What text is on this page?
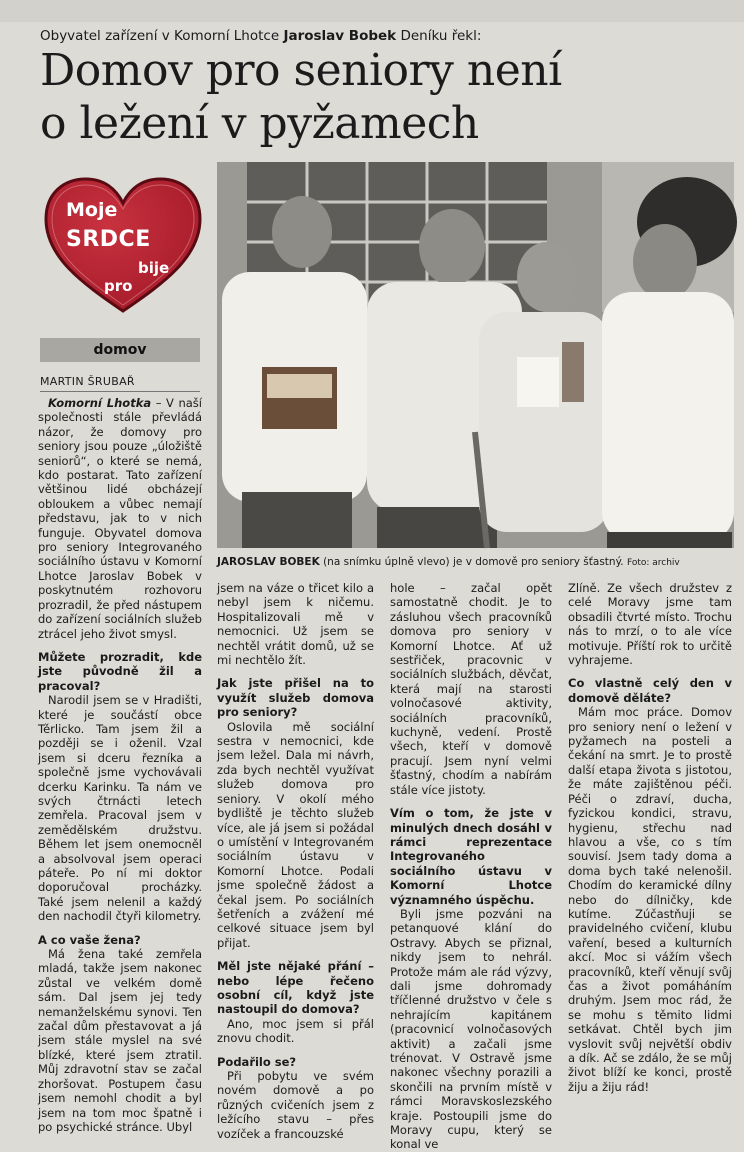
Obyvatel zařízení v Komorní Lhotce Jaroslav Bobek Deníku řekl:
Domov pro seniory není
o ležení v pyžamech
Moje
SRDCE
bije
pro
domov
MARTIN ŠRUBAŘ
JAROSLAV BOBEK (na snímku úplně vlevo) je v domově pro seniory šťastný. Foto: archiv

Komorní Lhotka – V naší společnosti stále převládá názor, že domovy pro seniory jsou pouze „úložiště seniorů“, o které se nemá, kdo postarat. Tato zařízení většinou lidé obcházejí obloukem a vůbec nemají představu, jak to v nich funguje. Obyvatel domova pro seniory Integrovaného sociálního ústavu v Komorní Lhotce Jaroslav Bobek v poskytnutém rozhovoru prozradil, že před nástupem do zařízení sociálních služeb ztrácel jeho život smysl.

Můžete prozradit, kde jste původně žil a pracoval?

Narodil jsem se v Hradišti, které je součástí obce Těrlicko. Tam jsem žil a později se i oženil. Vzal jsem si dceru řezníka a společně jsme vychovávali dcerku Karinku. Ta nám ve svých čtrnácti letech zemřela. Pracoval jsem v zemědělském družstvu. Během let jsem onemocněl a absolvoval jsem operaci páteře. Po ní mi doktor doporučoval procházky. Také jsem nelenil a každý den nachodil čtyři kilometry.

A co vaše žena?

Má žena také zemřela mladá, takže jsem nakonec zůstal ve velkém domě sám. Dal jsem jej tedy nemanželskému synovi. Ten začal dům přestavovat a já jsem stále myslel na své blízké, které jsem ztratil. Můj zdravotní stav se začal zhoršovat. Postupem času jsem nemohl chodit a byl jsem na tom moc špatně i po psychické stránce. Ubyl

jsem na váze o třicet kilo a nebyl jsem k ničemu. Hospitalizovali mě v nemocnici. Už jsem se nechtěl vrátit domů, už se mi nechtělo žít.

Jak jste přišel na to využít služeb domova pro seniory?

Oslovila mě sociální sestra v nemocnici, kde jsem ležel. Dala mi návrh, zda bych nechtěl využívat služeb domova pro seniory. V okolí mého bydliště je těchto služeb více, ale já jsem si požádal o umístění v Integrovaném sociálním ústavu v Komorní Lhotce. Podali jsme společně žádost a čekal jsem. Po sociálních šetřeních a zvážení mé celkové situace jsem byl přijat.

Měl jste nějaké přání – nebo lépe řečeno osobní cíl, když jste nastoupil do domova?

Ano, moc jsem si přál znovu chodit.

Podařilo se?

Při pobytu ve svém novém domově a po různých cvičeních jsem z ležícího stavu – přes vozíček a francouzské

hole – začal opět samostatně chodit. Je to zásluhou všech pracovníků domova pro seniory v Komorní Lhotce. Ať už sestřiček, pracovnic v sociálních službách, děvčat, která mají na starosti volnočasové aktivity, sociálních pracovníků, kuchyně, vedení. Prostě všech, kteří v domově pracují. Jsem nyní velmi šťastný, chodím a nabírám stále více jistoty.

Vím o tom, že jste v minulých dnech dosáhl v rámci reprezentace Integrovaného sociálního ústavu v Komorní Lhotce významného úspěchu.

Byli jsme pozváni na petanquové klání do Ostravy. Abych se přiznal, nikdy jsem to nehrál. Protože mám ale rád výzvy, dali jsme dohromady tříčlenné družstvo v čele s nehrajícím kapitánem (pracovnicí volnočasových aktivit) a začali jsme trénovat. V Ostravě jsme nakonec všechny porazili a skončili na prvním místě v rámci Moravskoslezského kraje. Postoupili jsme do Moravy cupu, který se konal ve

Zlíně. Ze všech družstev z celé Moravy jsme tam obsadili čtvrté místo. Trochu nás to mrzí, o to ale více motivuje. Příští rok to určitě vyhrajeme.

Co vlastně celý den v domově děláte?

Mám moc práce. Domov pro seniory není o ležení v pyžamech na posteli a čekání na smrt. Je to prostě další etapa života s jistotou, že máte zajištěnou péči. Péči o zdraví, ducha, fyzickou kondici, stravu, hygienu, střechu nad hlavou a vše, co s tím souvisí. Jsem tady doma a doma bych také nelenošil. Chodím do keramické dílny nebo do dílničky, kde kutíme. Zúčastňuji se pravidelného cvičení, klubu vaření, besed a kulturních akcí. Moc si vážím všech pracovníků, kteří věnují svůj čas a život pomáháním druhým. Jsem moc rád, že se mohu s těmito lidmi setkávat. Chtěl bych jim vyslovit svůj největší obdiv a dík. Ač se zdálo, že se můj život blíží ke konci, prostě žiju a žiju rád!
